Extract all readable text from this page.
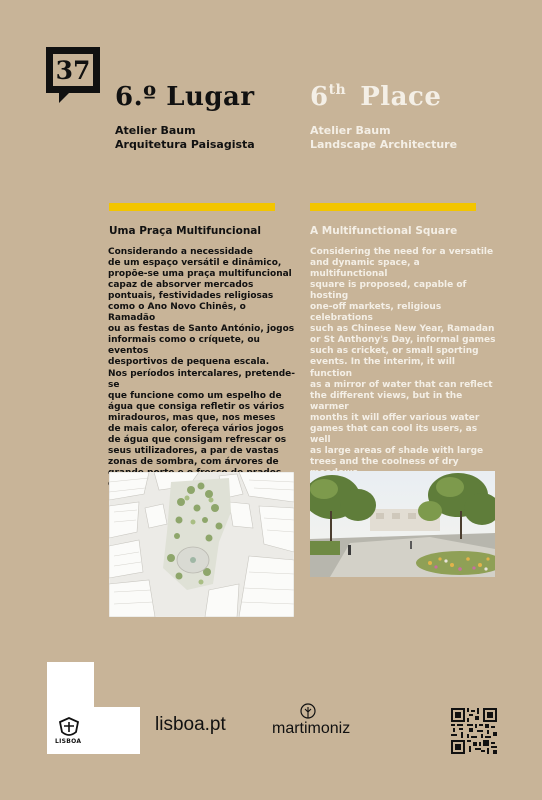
37
6.º Lugar 6th Place
Atelier Baum
Arquitetura Paisagista
Atelier Baum
Landscape Architecture
Uma Praça Multifuncional	A Multifunctional Square
Considerando a necessidade
de um espaço versátil e dinâmico,
propõe-se uma praça multifuncional
capaz de absorver mercados
pontuais, festividades religiosas
como o Ano Novo Chinês, o Ramadão
ou as festas de Santo António, jogos
informais como o críquete, ou eventos
desportivos de pequena escala.
Nos períodos intercalares, pretende-se
que funcione como um espelho de
água que consiga refletir os vários
miradouros, mas que, nos meses
de mais calor, ofereça vários jogos
de água que consigam refrescar os
seus utilizadores, a par de vastas
zonas de sombra, com árvores de
Considering the need for a versatile
and dynamic space, a multifunctional
square is proposed, capable of hosting
one-off markets, religious celebrations
such as Chinese New Year, Ramadan
or St Anthony's Day, informal games
such as cricket, or small sporting
events. In the interim, it will function
as a mirror of water that can reflect
the different views, but in the warmer
months it will offer various water
games that can cool its users, as well
as large areas of shade with large
trees and the coolness of dry
LISBOA
lisboa.pt	martimoniz
